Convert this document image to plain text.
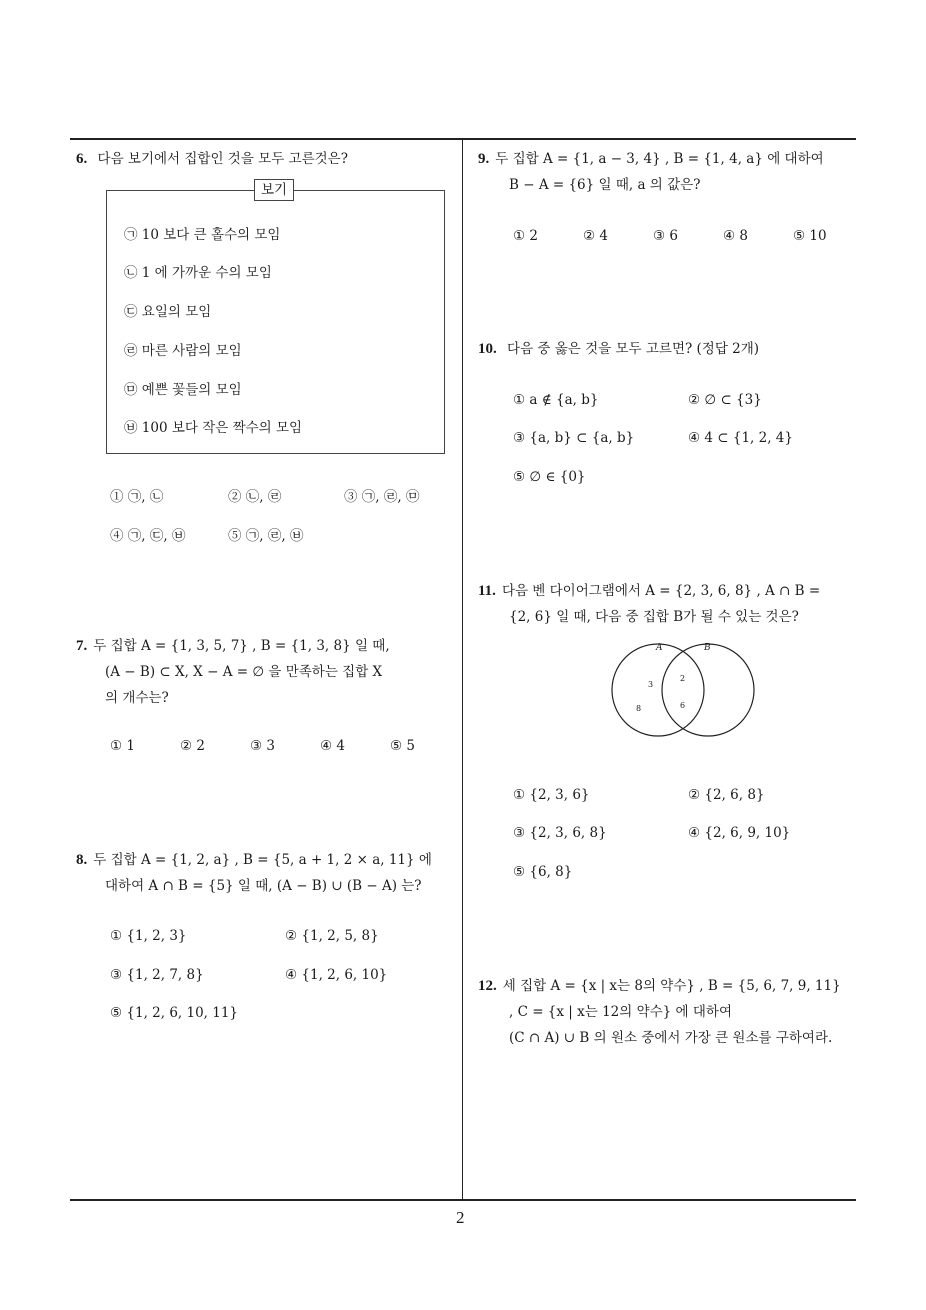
2
6. 다음 보기에서 집합인 것을 모두 고른것은?
보기
㉠ 10 보다 큰 홀수의 모임
㉡ 1 에 가까운 수의 모임
㉢ 요일의 모임
㉣ 마른 사람의 모임
㉤ 예쁜 꽃들의 모임
㉥ 100 보다 작은 짝수의 모임
① ㉠, ㉡	② ㉡, ㉣	③ ㉠, ㉣, ㉤
④ ㉠, ㉢, ㉥	⑤ ㉠, ㉣, ㉥
7. 두 집합 A = {1, 3, 5, 7} , B = {1, 3, 8} 일 때,
(A − B) ⊂ X, X − A = ∅ 을 만족하는 집합 X
의 개수는?
① 1	② 2	③ 3	④ 4	⑤ 5
8. 두 집합 A = {1, 2, a} , B = {5, a + 1, 2 × a, 11} 에
대하여 A ∩ B = {5} 일 때, (A − B) ∪ (B − A) 는?
① {1, 2, 3}	② {1, 2, 5, 8}
③ {1, 2, 7, 8}	④ {1, 2, 6, 10}
⑤ {1, 2, 6, 10, 11}
9. 두 집합 A = {1, a − 3, 4} , B = {1, 4, a} 에 대하여
B − A = {6} 일 때, a 의 값은?
① 2	② 4	③ 6	④ 8	⑤ 10
10. 다음 중 옳은 것을 모두 고르면? (정답 2개)
① a ∉ {a, b}	② ∅ ⊂ {3}
③ {a, b} ⊂ {a, b}	④ 4 ⊂ {1, 2, 4}
⑤ ∅ ∈ {0}
11. 다음 벤 다이어그램에서 A = {2, 3, 6, 8} , A ∩ B =
{2, 6} 일 때, 다음 중 집합 B가 될 수 있는 것은?
A	B
3
8
2
6
① {2, 3, 6}	② {2, 6, 8}
③ {2, 3, 6, 8}	④ {2, 6, 9, 10}
⑤ {6, 8}
12. 세 집합 A = {x | x는 8의 약수} , B = {5, 6, 7, 9, 11}
, C = {x | x는 12의 약수} 에 대하여
(C ∩ A) ∪ B 의 원소 중에서 가장 큰 원소를 구하여라.
